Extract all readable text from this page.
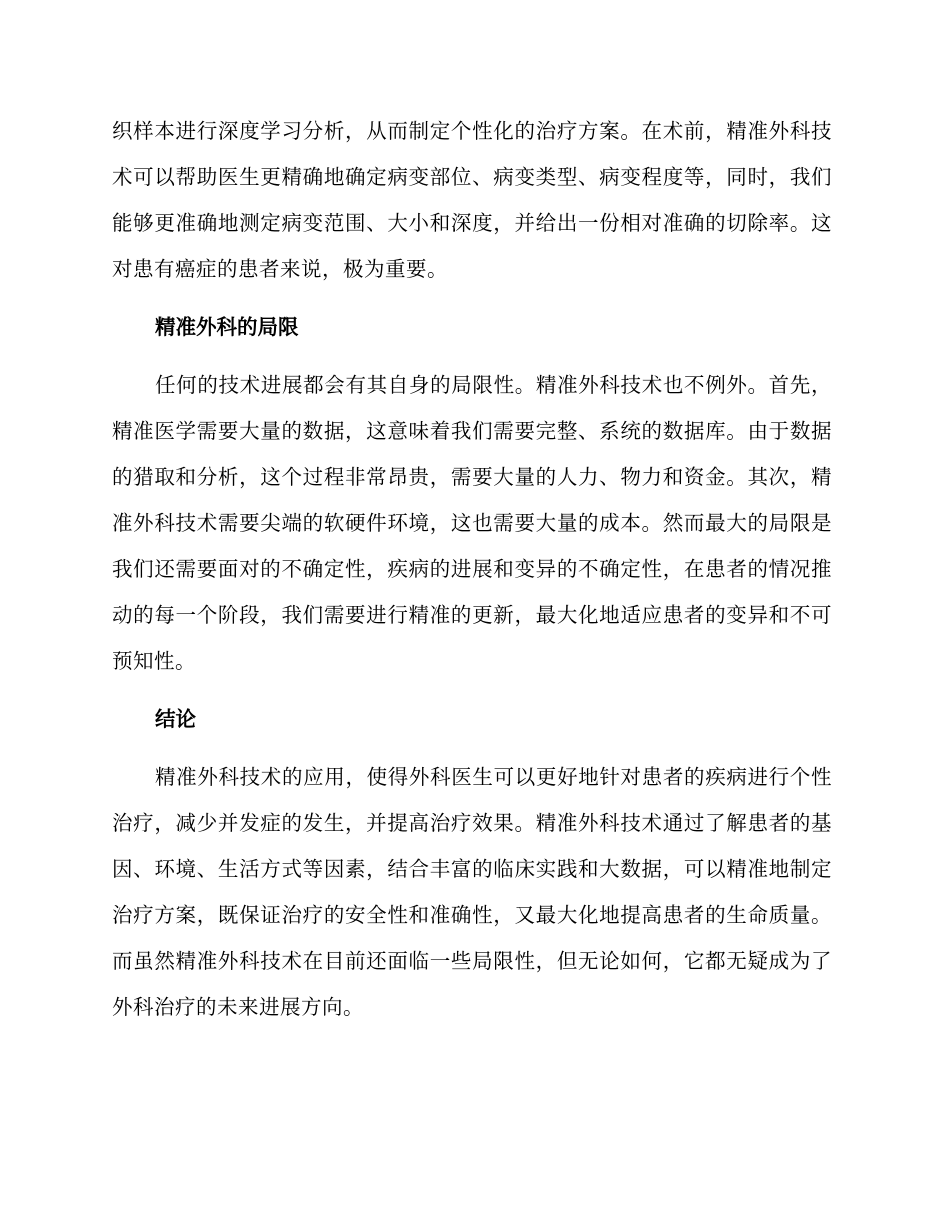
织样本进行深度学习分析，从而制定个性化的治疗方案。在术前，精准外科技术可以帮助医生更精确地确定病变部位、病变类型、病变程度等，同时，我们能够更准确地测定病变范围、大小和深度，并给出一份相对准确的切除率。这对患有癌症的患者来说，极为重要。

精准外科的局限

任何的技术进展都会有其自身的局限性。精准外科技术也不例外。首先，精准医学需要大量的数据，这意味着我们需要完整、系统的数据库。由于数据的猎取和分析，这个过程非常昂贵，需要大量的人力、物力和资金。其次，精准外科技术需要尖端的软硬件环境，这也需要大量的成本。然而最大的局限是我们还需要面对的不确定性，疾病的进展和变异的不确定性，在患者的情况推动的每一个阶段，我们需要进行精准的更新，最大化地适应患者的变异和不可预知性。

结论

精准外科技术的应用，使得外科医生可以更好地针对患者的疾病进行个性治疗，减少并发症的发生，并提高治疗效果。精准外科技术通过了解患者的基因、环境、生活方式等因素，结合丰富的临床实践和大数据，可以精准地制定治疗方案，既保证治疗的安全性和准确性，又最大化地提高患者的生命质量。而虽然精准外科技术在目前还面临一些局限性，但无论如何，它都无疑成为了外科治疗的未来进展方向。
